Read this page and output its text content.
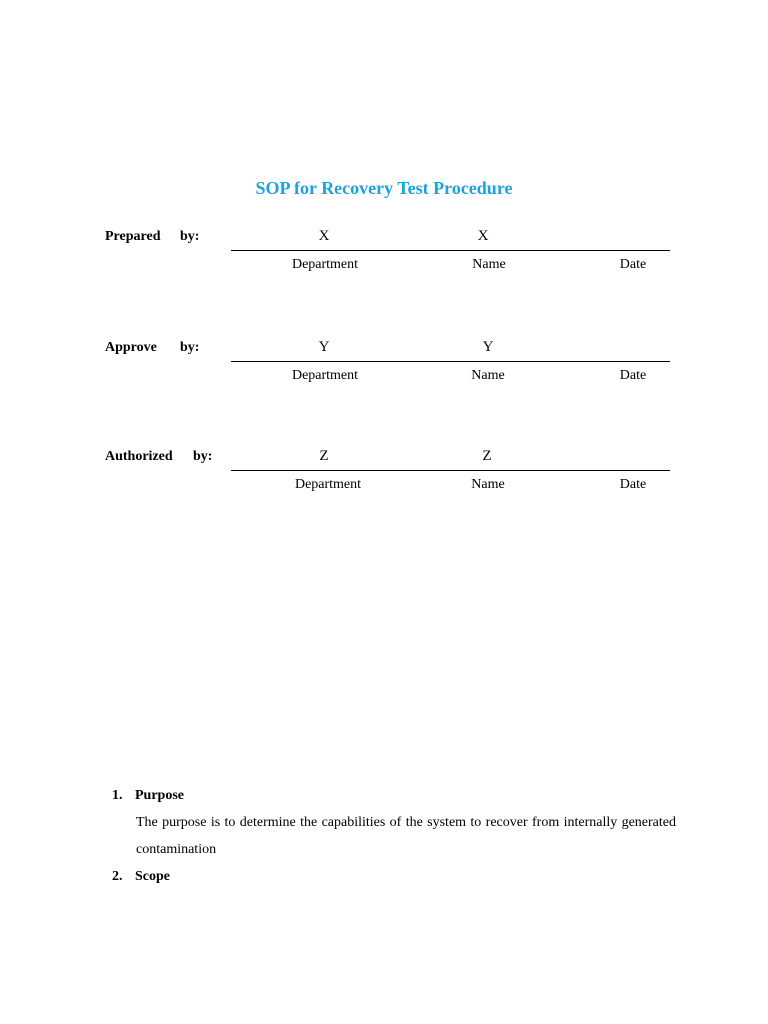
SOP for Recovery Test Procedure
Prepared by:	X	X
Department	Name	Date
Approve by:	Y	Y
Department	Name	Date
Authorized by:	Z	Z
Department	Name	Date
1. Purpose
The purpose is to determine the capabilities of the system to recover from internally generated contamination
2. Scope
